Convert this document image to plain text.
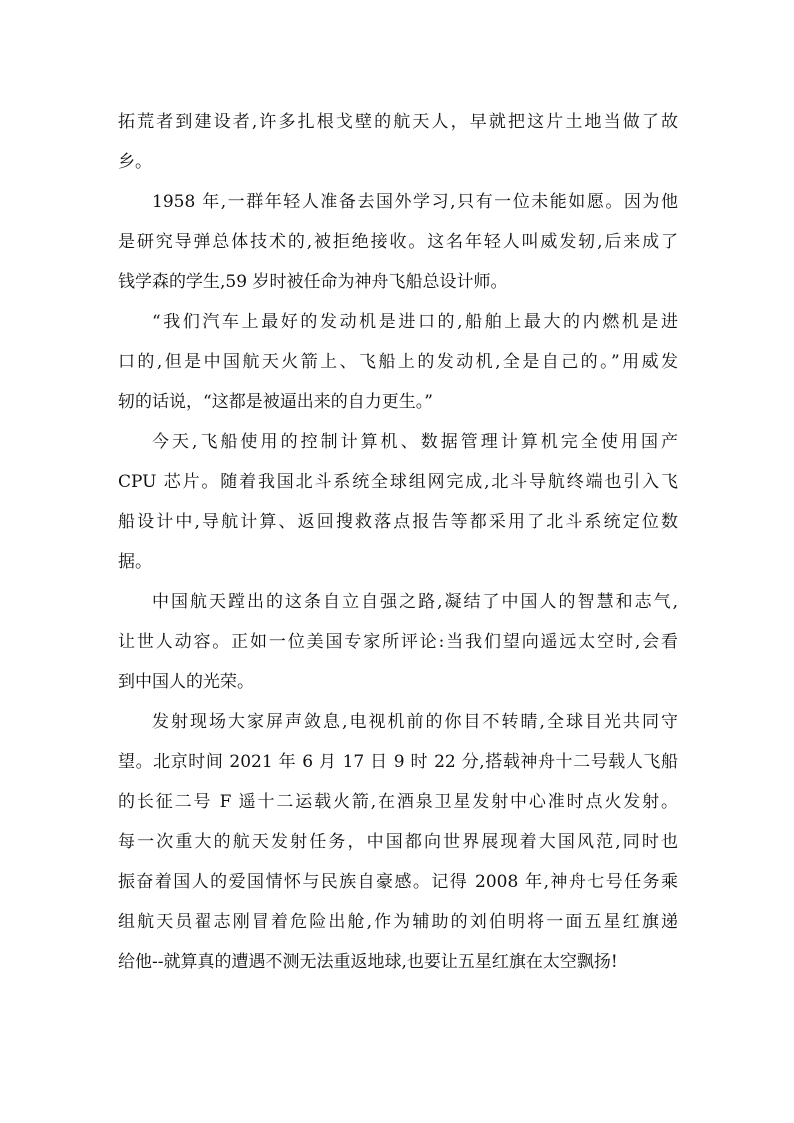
拓荒者到建设者,许多扎根戈壁的航天人，早就把这片土地当做了故
乡。
1958 年,一群年轻人准备去国外学习,只有一位未能如愿。因为他
是研究导弹总体技术的,被拒绝接收。这名年轻人叫威发轫,后来成了
钱学森的学生,59 岁时被任命为神舟飞船总设计师。
“我们汽车上最好的发动机是进口的,船舶上最大的内燃机是进
口的,但是中国航天火箭上、飞船上的发动机,全是自己的。”用威发
轫的话说，“这都是被逼出来的自力更生。”
今天,飞船使用的控制计算机、数据管理计算机完全使用国产
CPU 芯片。随着我国北斗系统全球组网完成,北斗导航终端也引入飞
船设计中,导航计算、返回搜救落点报告等都采用了北斗系统定位数
据。
中国航天蹚出的这条自立自强之路,凝结了中国人的智慧和志气,
让世人动容。正如一位美国专家所评论:当我们望向遥远太空时,会看
到中国人的光荣。
发射现场大家屏声敛息,电视机前的你目不转睛,全球目光共同守
望。北京时间 2021 年 6 月 17 日 9 时 22 分,搭载神舟十二号载人飞船
的长征二号 F 遥十二运载火箭,在酒泉卫星发射中心准时点火发射。
每一次重大的航天发射任务，中国都向世界展现着大国风范,同时也
振奋着国人的爱国情怀与民族自豪感。记得 2008 年,神舟七号任务乘
组航天员翟志刚冒着危险出舱,作为辅助的刘伯明将一面五星红旗递
给他--就算真的遭遇不测无法重返地球,也要让五星红旗在太空飘扬!
